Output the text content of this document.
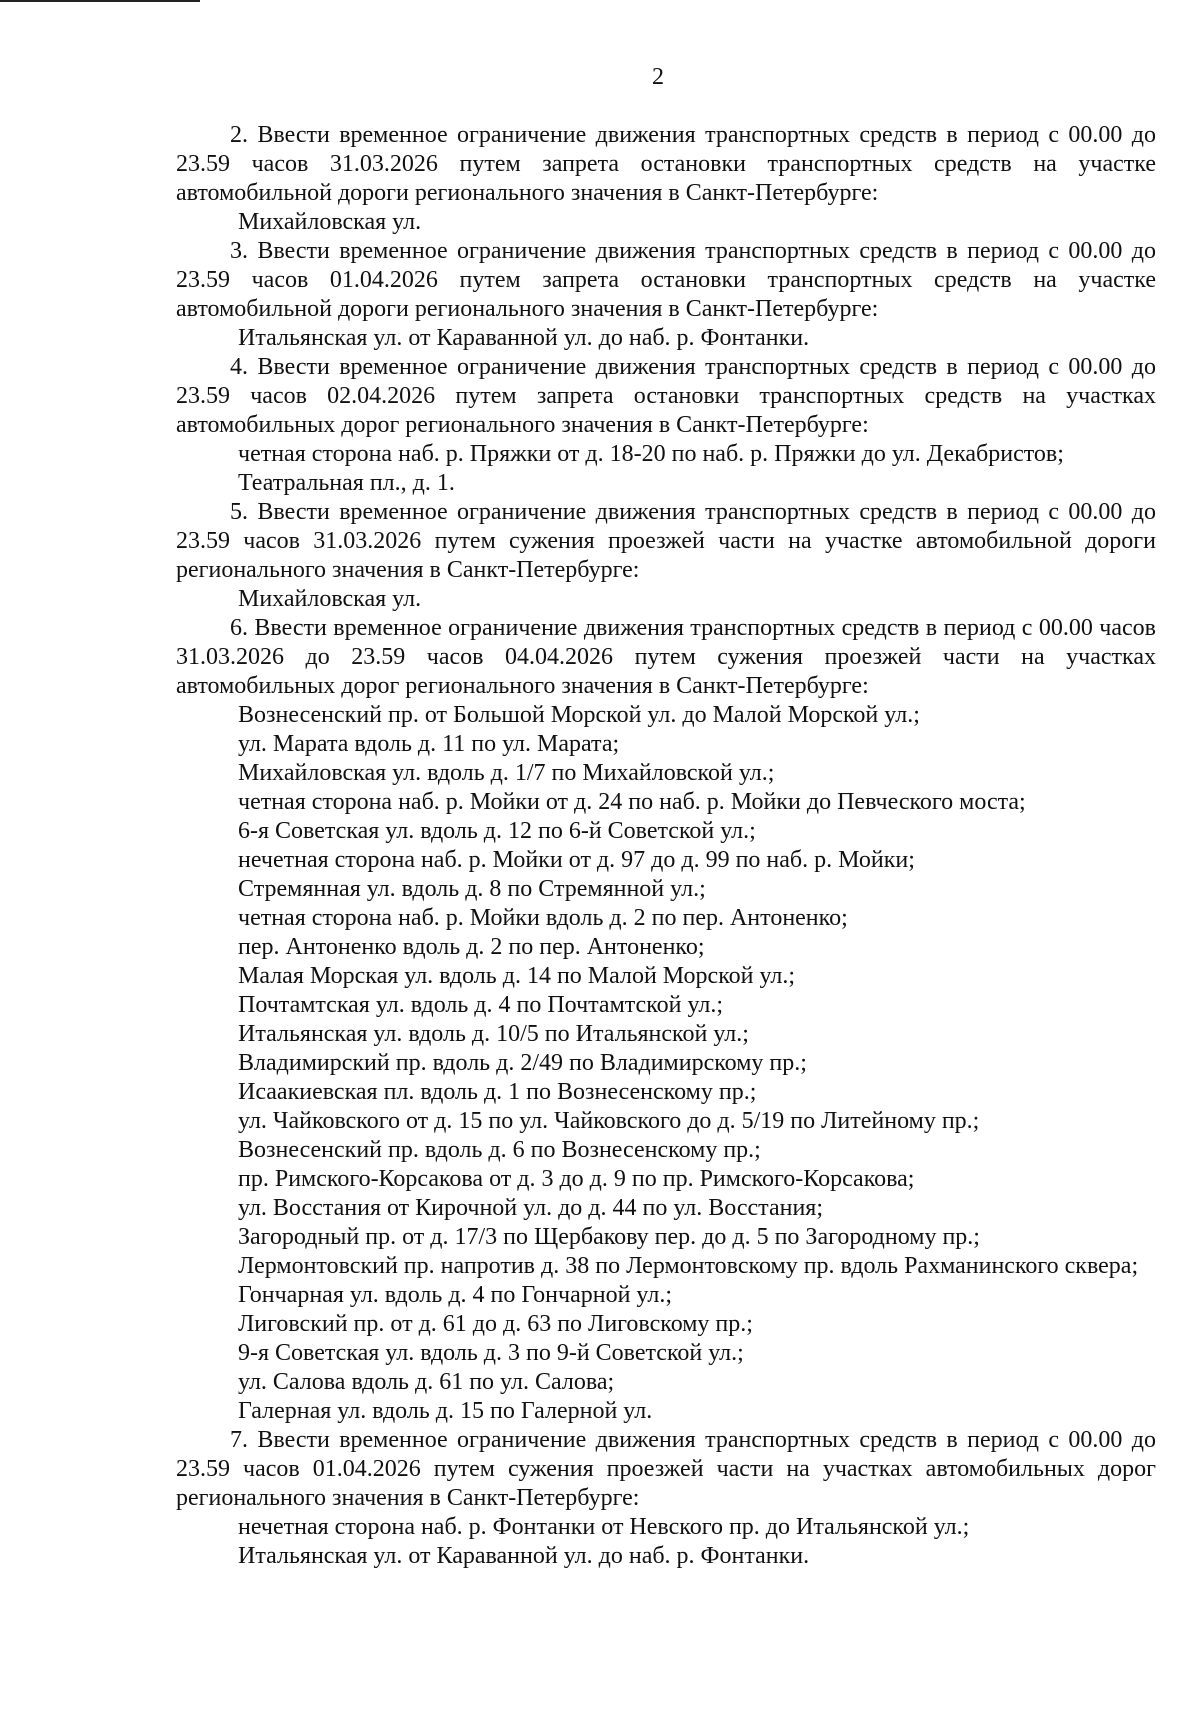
2

2. Ввести временное ограничение движения транспортных средств в период с 00.00 до 23.59 часов 31.03.2026 путем запрета остановки транспортных средств на участке автомобильной дороги регионального значения в Санкт-Петербурге:

Михайловская ул.

3. Ввести временное ограничение движения транспортных средств в период с 00.00 до 23.59 часов 01.04.2026 путем запрета остановки транспортных средств на участке автомобильной дороги регионального значения в Санкт-Петербурге:

Итальянская ул. от Караванной ул. до наб. р. Фонтанки.

4. Ввести временное ограничение движения транспортных средств в период с 00.00 до 23.59 часов 02.04.2026 путем запрета остановки транспортных средств на участках автомобильных дорог регионального значения в Санкт-Петербурге:

четная сторона наб. р. Пряжки от д. 18-20 по наб. р. Пряжки до ул. Декабристов;

Театральная пл., д. 1.

5. Ввести временное ограничение движения транспортных средств в период с 00.00 до 23.59 часов 31.03.2026 путем сужения проезжей части на участке автомобильной дороги регионального значения в Санкт-Петербурге:

Михайловская ул.

6. Ввести временное ограничение движения транспортных средств в период с 00.00 часов 31.03.2026 до 23.59 часов 04.04.2026 путем сужения проезжей части на участках автомобильных дорог регионального значения в Санкт-Петербурге:

Вознесенский пр. от Большой Морской ул. до Малой Морской ул.;

ул. Марата вдоль д. 11 по ул. Марата;

Михайловская ул. вдоль д. 1/7 по Михайловской ул.;

четная сторона наб. р. Мойки от д. 24 по наб. р. Мойки до Певческого моста;

6-я Советская ул. вдоль д. 12 по 6-й Советской ул.;

нечетная сторона наб. р. Мойки от д. 97 до д. 99 по наб. р. Мойки;

Стремянная ул. вдоль д. 8 по Стремянной ул.;

четная сторона наб. р. Мойки вдоль д. 2 по пер. Антоненко;

пер. Антоненко вдоль д. 2 по пер. Антоненко;

Малая Морская ул. вдоль д. 14 по Малой Морской ул.;

Почтамтская ул. вдоль д. 4 по Почтамтской ул.;

Итальянская ул. вдоль д. 10/5 по Итальянской ул.;

Владимирский пр. вдоль д. 2/49 по Владимирскому пр.;

Исаакиевская пл. вдоль д. 1 по Вознесенскому пр.;

ул. Чайковского от д. 15 по ул. Чайковского до д. 5/19 по Литейному пр.;

Вознесенский пр. вдоль д. 6 по Вознесенскому пр.;

пр. Римского-Корсакова от д. 3 до д. 9 по пр. Римского-Корсакова;

ул. Восстания от Кирочной ул. до д. 44 по ул. Восстания;

Загородный пр. от д. 17/3 по Щербакову пер. до д. 5 по Загородному пр.;

Лермонтовский пр. напротив д. 38 по Лермонтовскому пр. вдоль Рахманинского сквера;

Гончарная ул. вдоль д. 4 по Гончарной ул.;

Лиговский пр. от д. 61 до д. 63 по Лиговскому пр.;

9-я Советская ул. вдоль д. 3 по 9-й Советской ул.;

ул. Салова вдоль д. 61 по ул. Салова;

Галерная ул. вдоль д. 15 по Галерной ул.

7. Ввести временное ограничение движения транспортных средств в период с 00.00 до 23.59 часов 01.04.2026 путем сужения проезжей части на участках автомобильных дорог регионального значения в Санкт-Петербурге:

нечетная сторона наб. р. Фонтанки от Невского пр. до Итальянской ул.;

Итальянская ул. от Караванной ул. до наб. р. Фонтанки.
